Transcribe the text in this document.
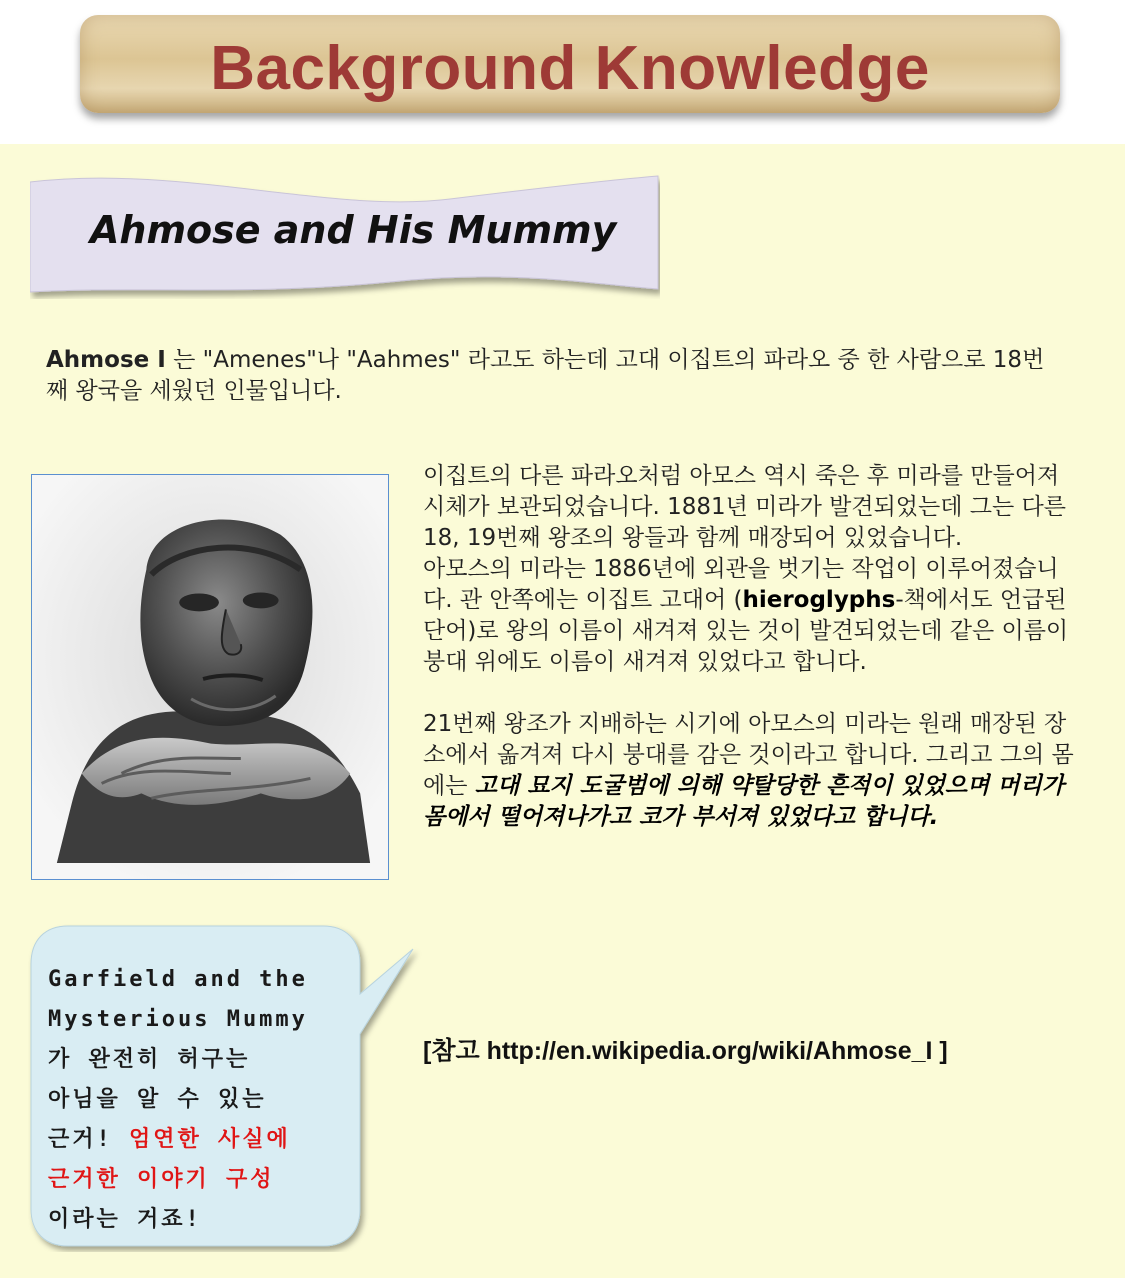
Background Knowledge
Ahmose and His Mummy
Ahmose I 는 "Amenes"나 "Aahmes" 라고도 하는데 고대 이집트의 파라오 중 한 사람으로 18번째 왕국을 세웠던 인물입니다.

이집트의 다른 파라오처럼 아모스 역시 죽은 후 미라를 만들어져 시체가 보관되었습니다. 1881년 미라가 발견되었는데 그는 다른 18, 19번째 왕조의 왕들과 함께 매장되어 있었습니다.

아모스의 미라는 1886년에 외관을 벗기는 작업이 이루어졌습니다. 관 안쪽에는 이집트 고대어 (hieroglyphs-책에서도 언급된 단어)로 왕의 이름이 새겨져 있는 것이 발견되었는데 같은 이름이 붕대 위에도 이름이 새겨져 있었다고 합니다.

21번째 왕조가 지배하는 시기에 아모스의 미라는 원래 매장된 장소에서 옮겨져 다시 붕대를 감은 것이라고 합니다. 그리고 그의 몸에는 고대 묘지 도굴범에 의해 약탈당한 흔적이 있었으며 머리가 몸에서 떨어져나가고 코가 부서져 있었다고 합니다.

[참고 http://en.wikipedia.org/wiki/Ahmose_I ]
Garfield and the
Mysterious Mummy
가 완전히 허구는
아님을 알 수 있는
근거! 엄연한 사실에
근거한 이야기 구성
이라는 거죠!
